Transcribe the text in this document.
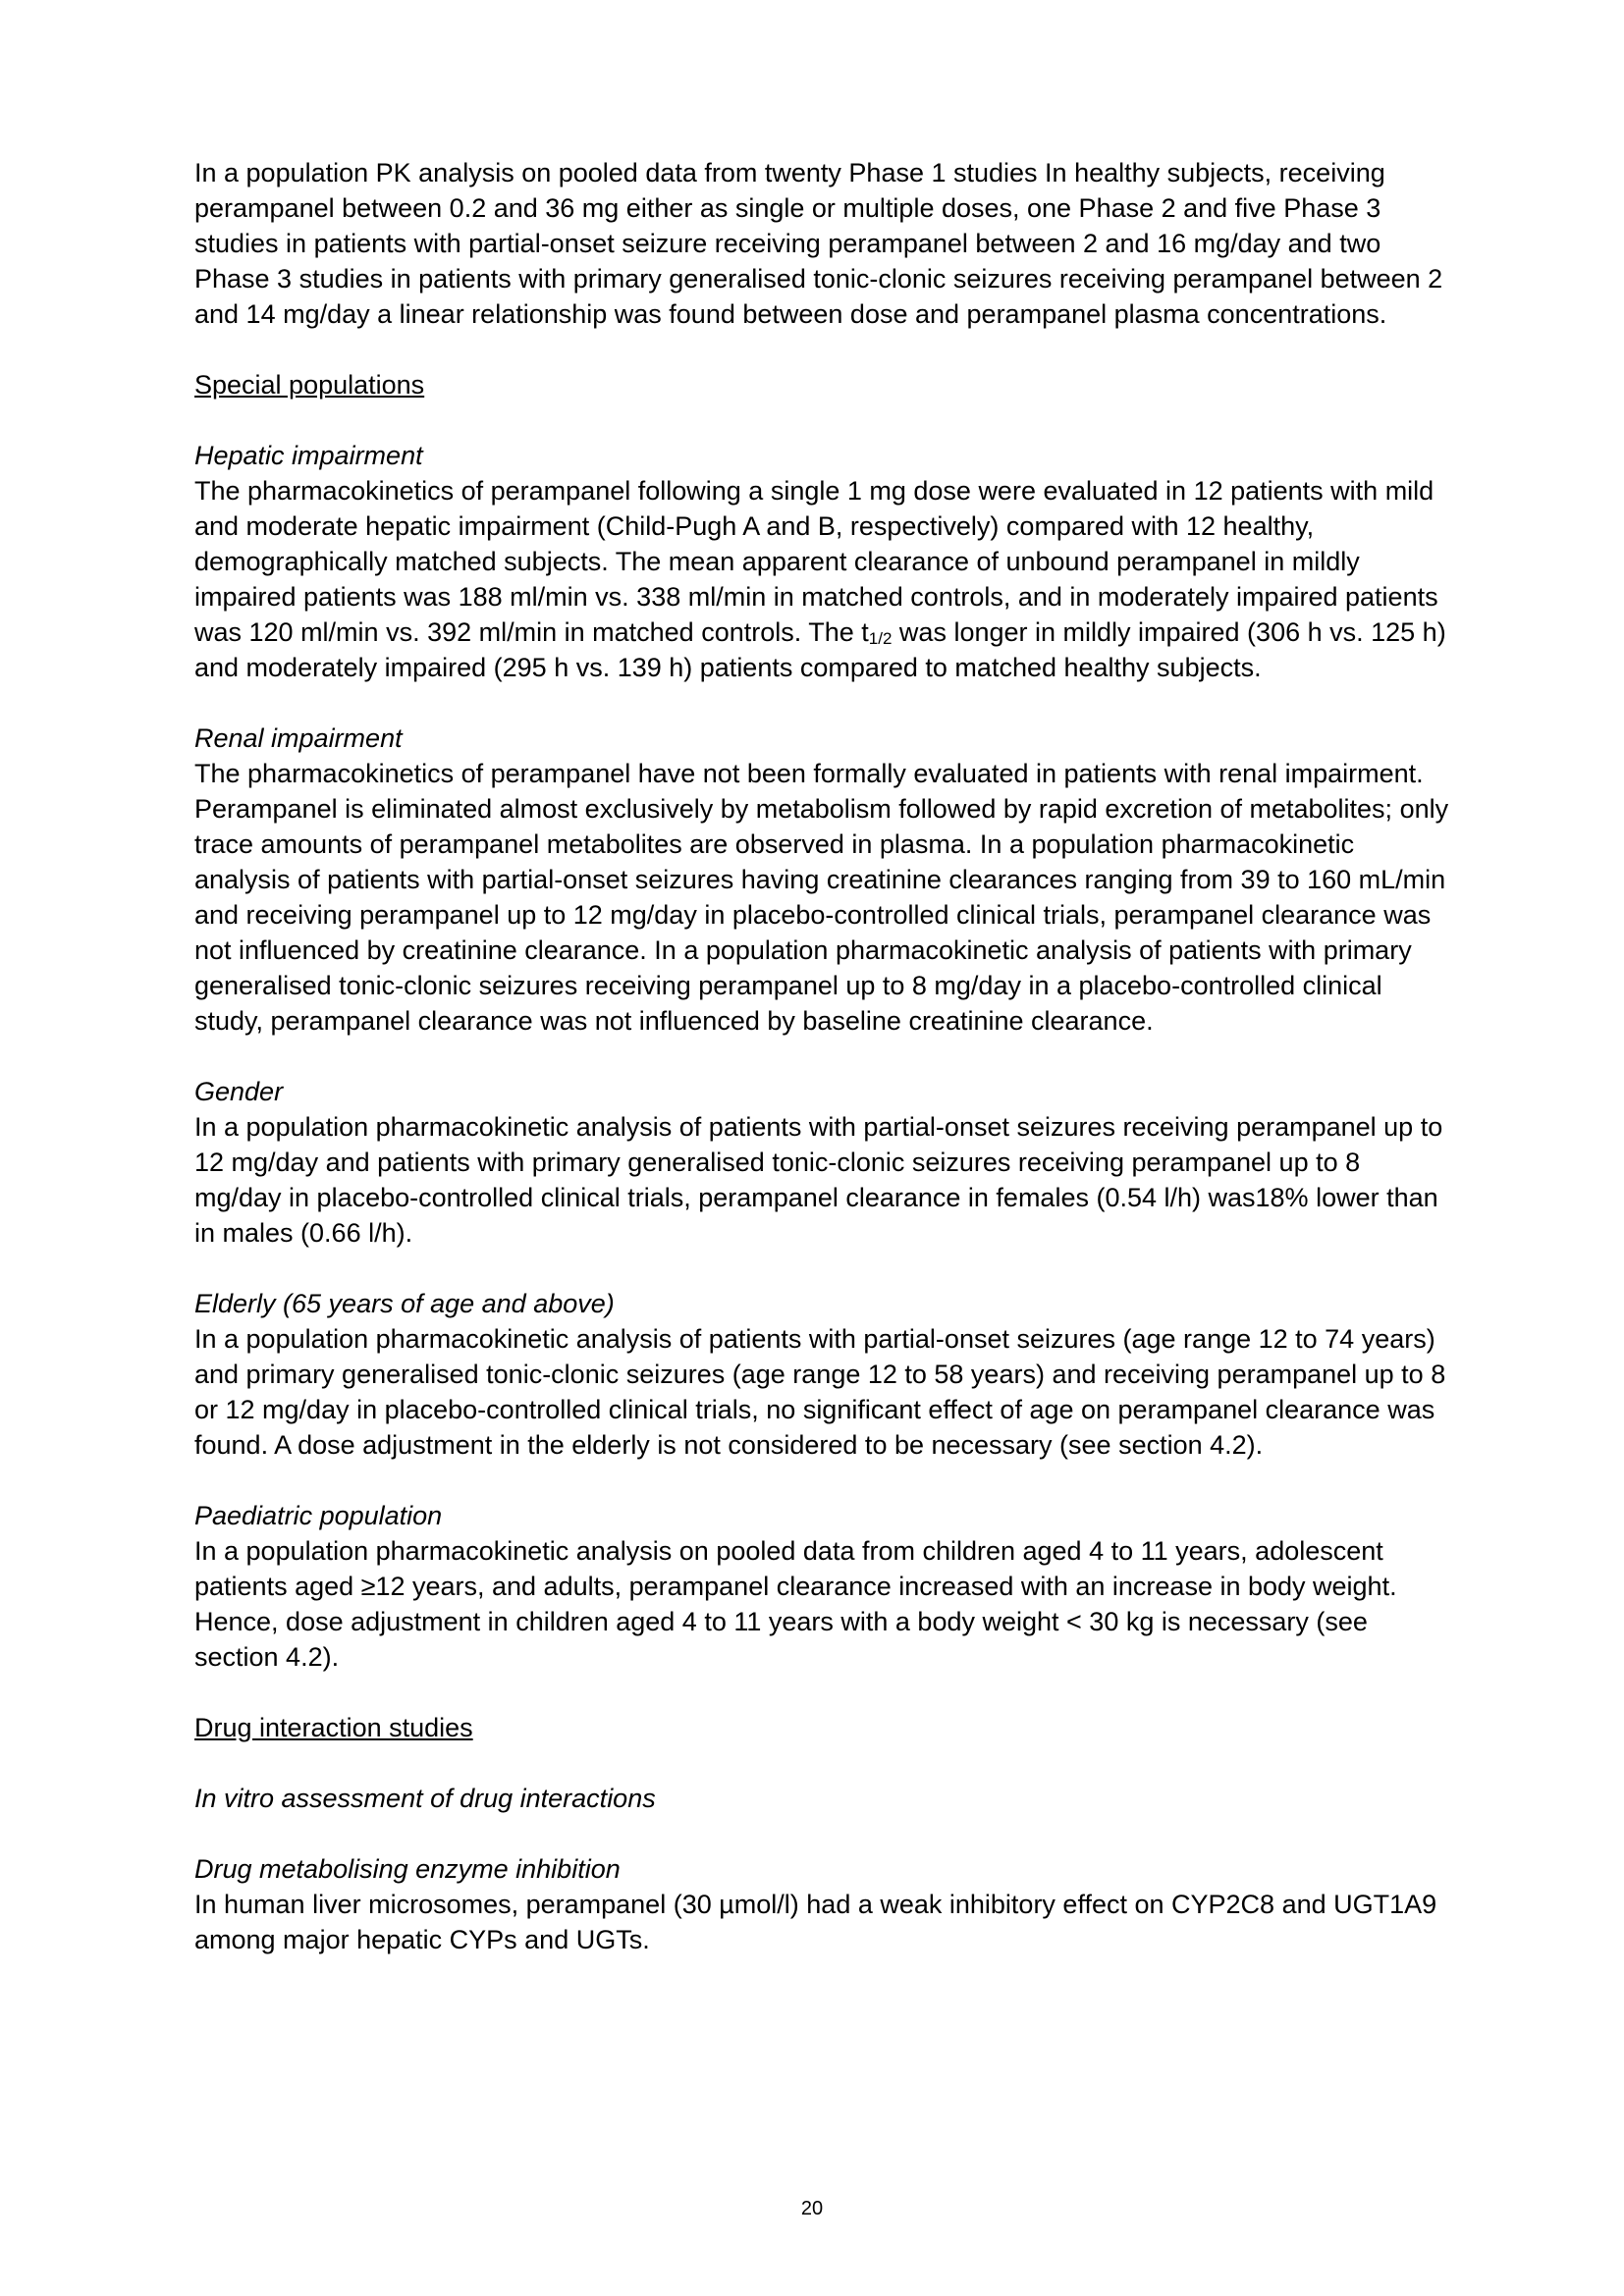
In a population PK analysis on pooled data from twenty Phase 1 studies In healthy subjects, receiving perampanel between 0.2 and 36 mg either as single or multiple doses, one Phase 2 and five Phase 3 studies in patients with partial-onset seizure receiving perampanel between 2 and 16 mg/day and two Phase 3 studies in patients with primary generalised tonic-clonic seizures receiving perampanel between 2 and 14 mg/day a linear relationship was found between dose and perampanel plasma concentrations.

Special populations

Hepatic impairment

The pharmacokinetics of perampanel following a single 1 mg dose were evaluated in 12 patients with mild and moderate hepatic impairment (Child-Pugh A and B, respectively) compared with 12 healthy, demographically matched subjects. The mean apparent clearance of unbound perampanel in mildly impaired patients was 188 ml/min vs. 338 ml/min in matched controls, and in moderately impaired patients was 120 ml/min vs. 392 ml/min in matched controls. The $t_{1/2}$ was longer in mildly impaired (306 h vs. 125 h) and moderately impaired (295 h vs. 139 h) patients compared to matched healthy subjects.

Renal impairment

The pharmacokinetics of perampanel have not been formally evaluated in patients with renal impairment. Perampanel is eliminated almost exclusively by metabolism followed by rapid excretion of metabolites; only trace amounts of perampanel metabolites are observed in plasma. In a population pharmacokinetic analysis of patients with partial-onset seizures having creatinine clearances ranging from 39 to 160 mL/min and receiving perampanel up to 12 mg/day in placebo-controlled clinical trials, perampanel clearance was not influenced by creatinine clearance. In a population pharmacokinetic analysis of patients with primary generalised tonic-clonic seizures receiving perampanel up to 8 mg/day in a placebo-controlled clinical study, perampanel clearance was not influenced by baseline creatinine clearance.

Gender

In a population pharmacokinetic analysis of patients with partial-onset seizures receiving perampanel up to 12 mg/day and patients with primary generalised tonic-clonic seizures receiving perampanel up to 8 mg/day in placebo-controlled clinical trials, perampanel clearance in females (0.54 l/h) was18% lower than in males (0.66 l/h).

Elderly (65 years of age and above)

In a population pharmacokinetic analysis of patients with partial-onset seizures (age range 12 to 74 years) and primary generalised tonic-clonic seizures (age range 12 to 58 years) and receiving perampanel up to 8 or 12 mg/day in placebo-controlled clinical trials, no significant effect of age on perampanel clearance was found. A dose adjustment in the elderly is not considered to be necessary (see section 4.2).

Paediatric population

In a population pharmacokinetic analysis on pooled data from children aged 4 to 11 years, adolescent patients aged ≥12 years, and adults, perampanel clearance increased with an increase in body weight. Hence, dose adjustment in children aged 4 to 11 years with a body weight < 30 kg is necessary (see section 4.2).

Drug interaction studies

In vitro assessment of drug interactions

Drug metabolising enzyme inhibition

In human liver microsomes, perampanel (30 µmol/l) had a weak inhibitory effect on CYP2C8 and UGT1A9 among major hepatic CYPs and UGTs.

20
